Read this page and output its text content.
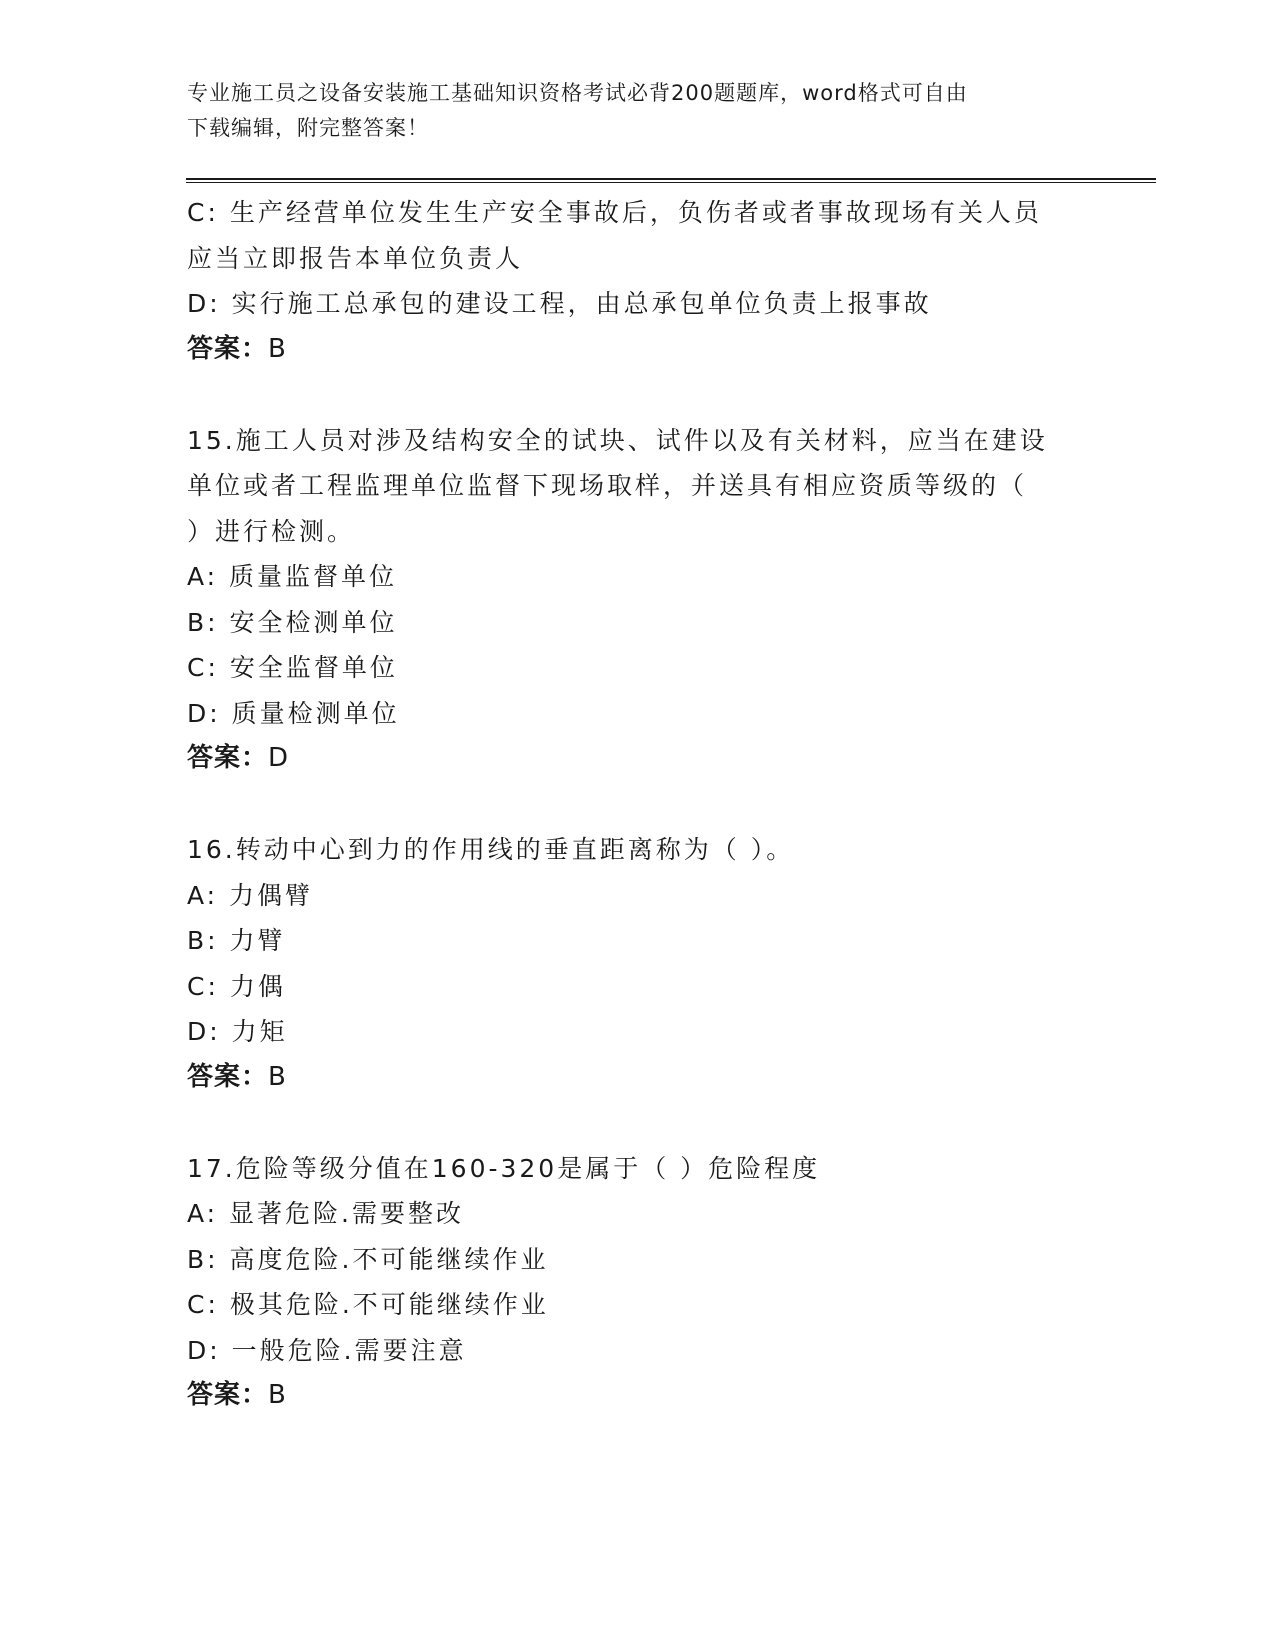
专业施工员之设备安装施工基础知识资格考试必背200题题库，word格式可自由
下载编辑，附完整答案！
C: 生产经营单位发生生产安全事故后，负伤者或者事故现场有关人员
应当立即报告本单位负责人
D: 实行施工总承包的建设工程，由总承包单位负责上报事故
答案：B
15.施工人员对涉及结构安全的试块、试件以及有关材料，应当在建设
单位或者工程监理单位监督下现场取样，并送具有相应资质等级的（
）进行检测。
A: 质量监督单位
B: 安全检测单位
C: 安全监督单位
D: 质量检测单位
答案：D
16.转动中心到力的作用线的垂直距离称为（ ）。
A: 力偶臂
B: 力臂
C: 力偶
D: 力矩
答案：B
17.危险等级分值在160-320是属于（ ）危险程度
A: 显著危险.需要整改
B: 高度危险.不可能继续作业
C: 极其危险.不可能继续作业
D: 一般危险.需要注意
答案：B
